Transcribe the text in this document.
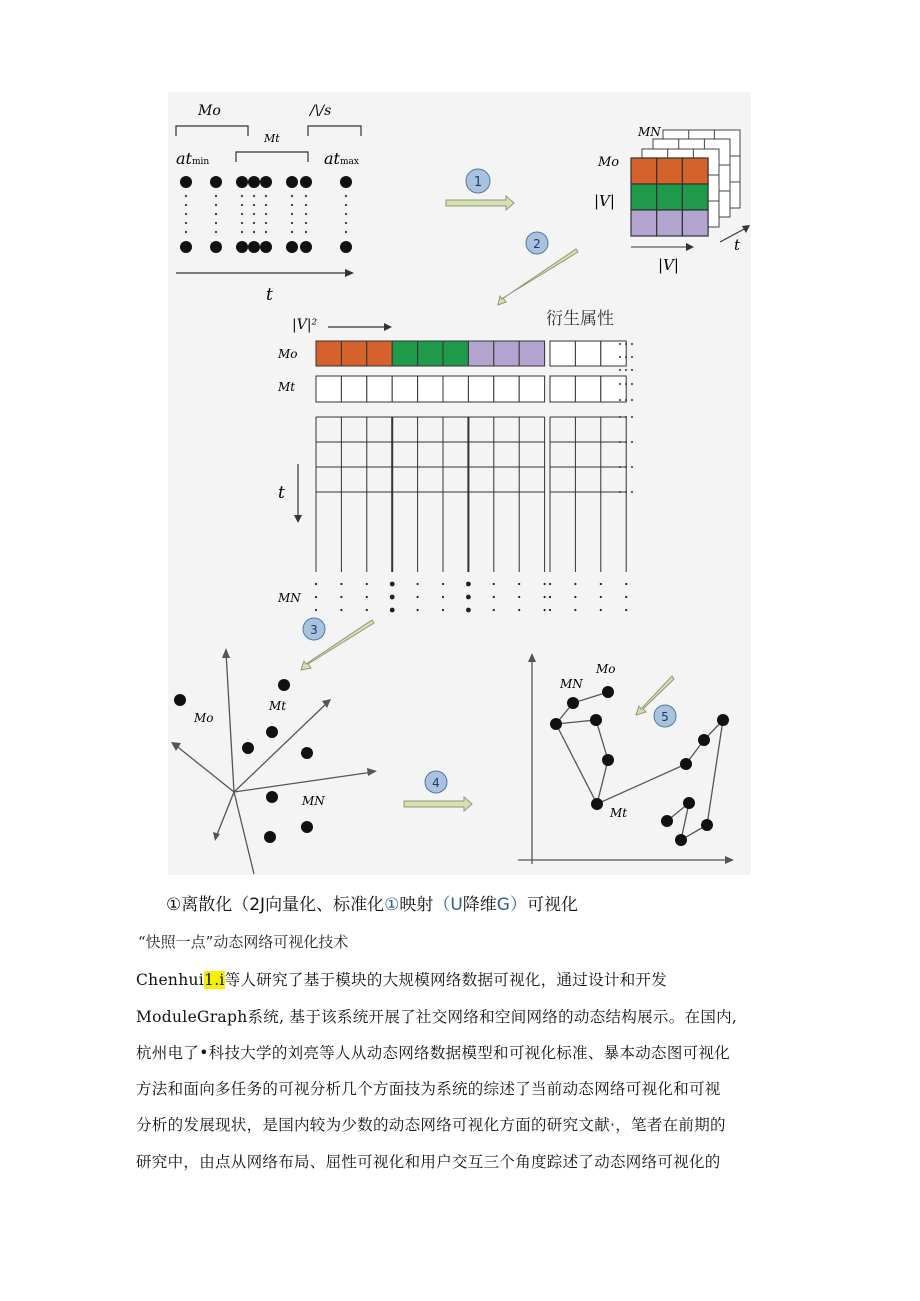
Mo	/\/s
Mt
atmin	atmax
t
1
MN
Mo
|V|
|V|
t
2
|V|²	衍生属性
Mo
Mt
MN
t
3
Mo
Mt
MN
4
MN
Mo
Mt
5
①离散化（2J向量化、标准化①映射（U降维G）可视化
“快照一点”动态网络可视化技术
Chenhui1.i等人研究了基于模块的大规模网络数据可视化，通过设计和开发
ModuleGraph系统, 基于该系统开展了社交网络和空间网络的动态结构展示。在国内,
杭州电了•科技大学的刘亮等人从动态网络数据模型和可视化标准、暴本动态图可视化
方法和面向多任务的可视分析几个方面技为系统的综述了当前动态网络可视化和可视
分析的发展现状，是国内较为少数的动态网络可视化方面的研究文献·，笔者在前期的
研究中，由点从网络布局、屈性可视化和用户交互三个角度踪述了动态网络可视化的
